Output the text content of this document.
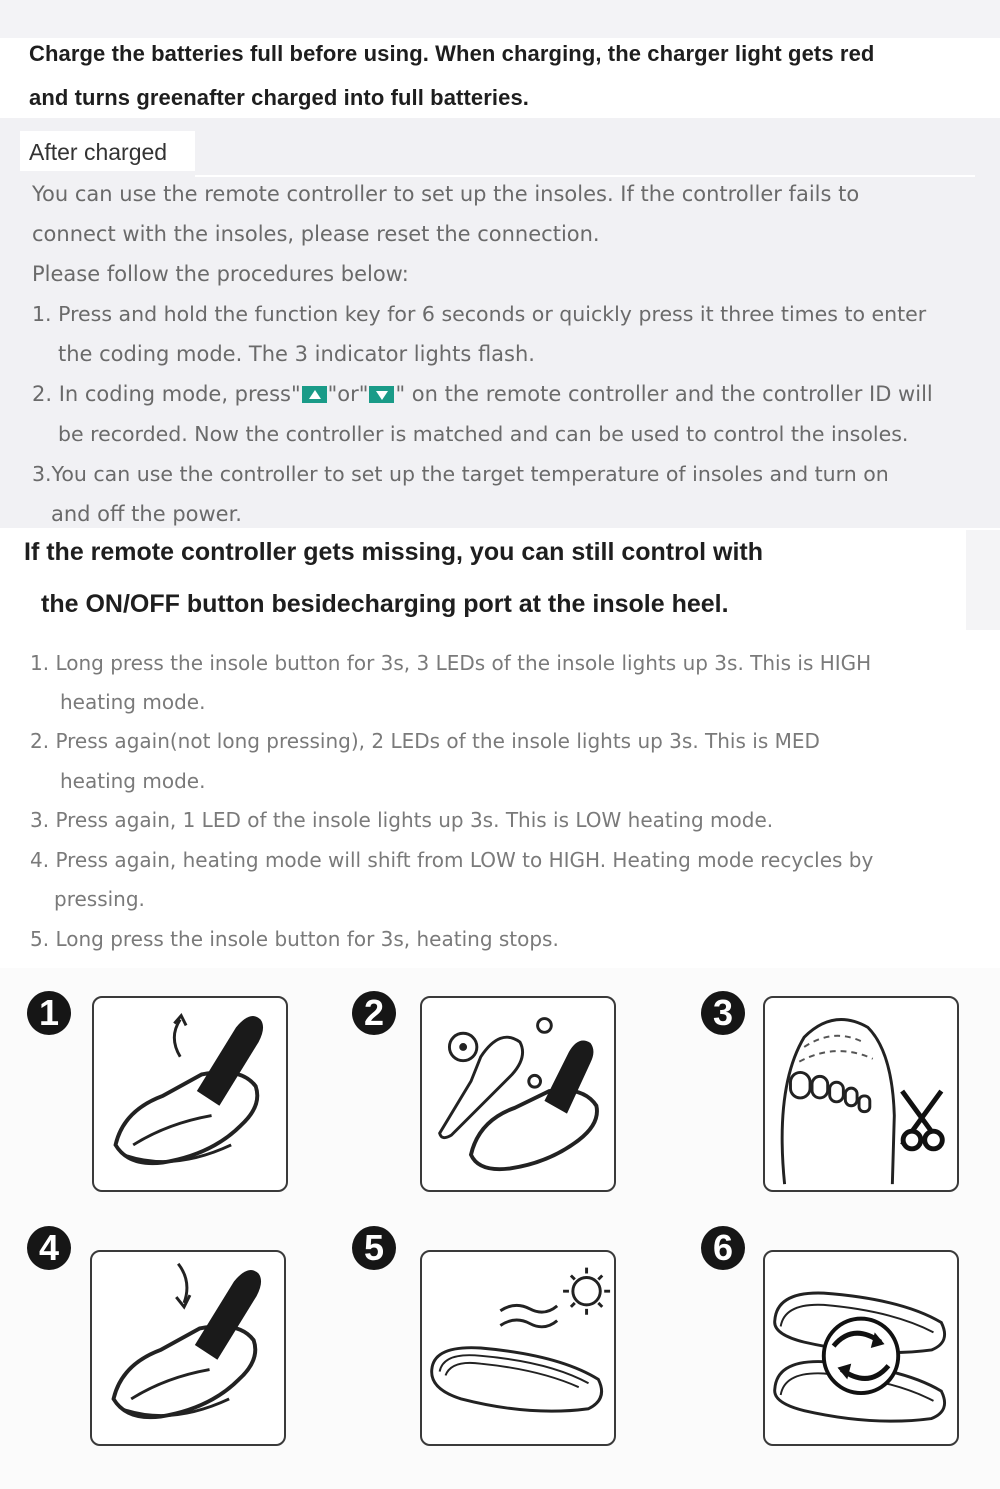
Charge the batteries full before using. When charging, the charger light gets red
and turns greenafter charged into full batteries.
After charged
You can use the remote controller to set up the insoles. If the controller fails to
connect with the insoles, please reset the connection.
Please follow the procedures below:
1. Press and hold the function key for 6 seconds or quickly press it three times to enter
the coding mode. The 3 indicator lights flash.
2. In coding mode, press" "or" " on the remote controller and the controller ID will
be recorded. Now the controller is matched and can be used to control the insoles.
3.You can use the controller to set up the target temperature of insoles and turn on
and off the power.
If the remote controller gets missing, you can still control with
the ON/OFF button besidecharging port at the insole heel.
1. Long press the insole button for 3s, 3 LEDs of the insole lights up 3s. This is HIGH
heating mode.
2. Press again(not long pressing), 2 LEDs of the insole lights up 3s. This is MED
heating mode.
3. Press again, 1 LED of the insole lights up 3s. This is LOW heating mode.
4. Press again, heating mode will shift from LOW to HIGH. Heating mode recycles by
pressing.
5. Long press the insole button for 3s, heating stops.
1	2	3
4	5	6
